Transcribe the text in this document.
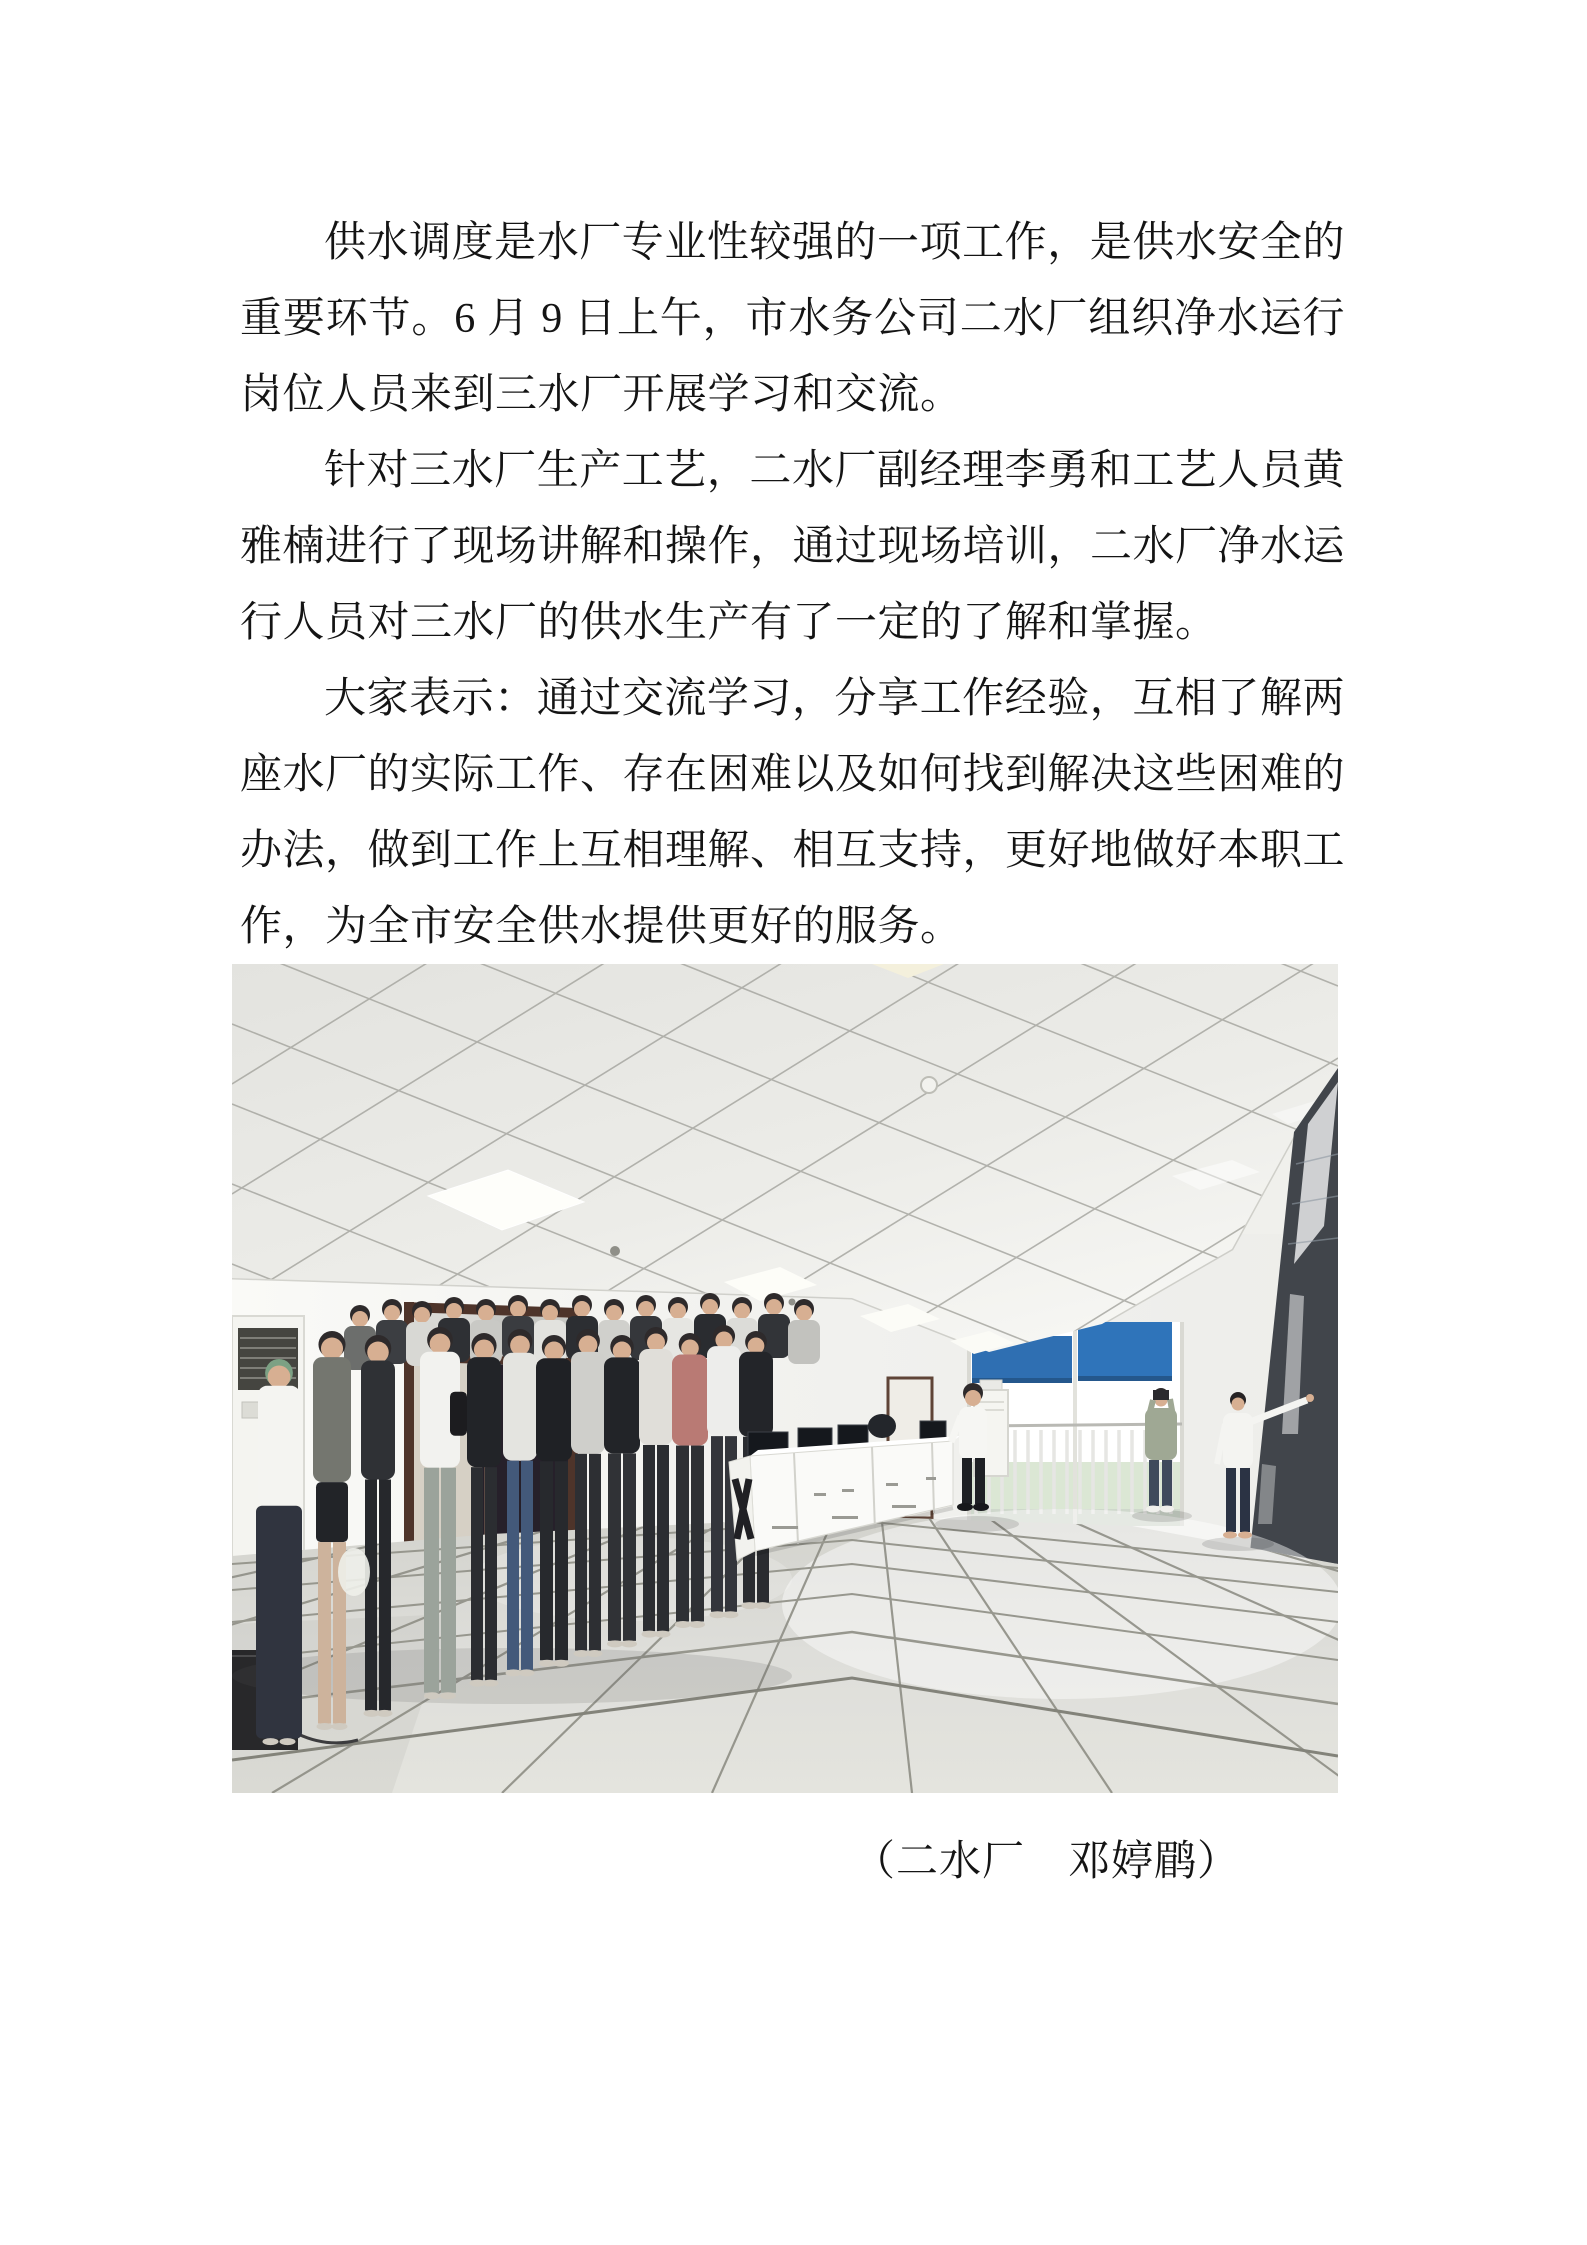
供水调度是水厂专业性较强的一项工作，是供水安全的
重要环节。6 月 9 日上午，市水务公司二水厂组织净水运行
岗位人员来到三水厂开展学习和交流。
针对三水厂生产工艺，二水厂副经理李勇和工艺人员黄
雅楠进行了现场讲解和操作，通过现场培训，二水厂净水运
行人员对三水厂的供水生产有了一定的了解和掌握。
大家表示：通过交流学习，分享工作经验，互相了解两
座水厂的实际工作、存在困难以及如何找到解决这些困难的
办法，做到工作上互相理解、相互支持，更好地做好本职工
作，为全市安全供水提供更好的服务。
（二水厂　邓婷鹛）
